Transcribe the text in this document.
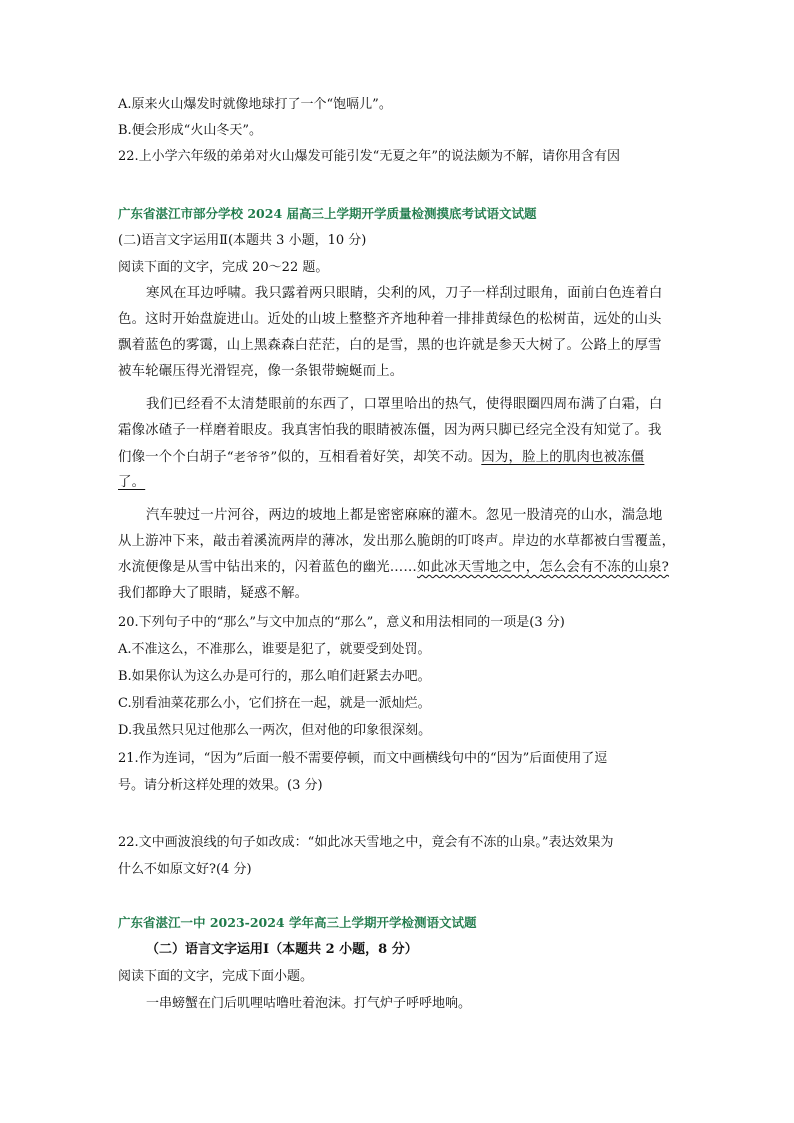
A.原来火山爆发时就像地球打了一个“饱嗝儿”。
B.便会形成“火山冬天”。
22.上小学六年级的弟弟对火山爆发可能引发“无夏之年”的说法颇为不解，请你用含有因
广东省湛江市部分学校 2024 届高三上学期开学质量检测摸底考试语文试题
(二)语言文字运用Ⅱ(本题共 3 小题，10 分)
阅读下面的文字，完成 20～22 题。
寒风在耳边呼啸。我只露着两只眼睛，尖利的风，刀子一样刮过眼角，面前白色连着白
色。这时开始盘旋进山。近处的山坡上整整齐齐地种着一排排黄绿色的松树苗，远处的山头
飘着蓝色的雾霭，山上黑森森白茫茫，白的是雪，黑的也许就是参天大树了。公路上的厚雪
被车轮碾压得光滑锃亮，像一条银带蜿蜒而上。
我们已经看不太清楚眼前的东西了，口罩里哈出的热气，使得眼圈四周布满了白霜，白
霜像冰碴子一样磨着眼皮。我真害怕我的眼睛被冻僵，因为两只脚已经完全没有知觉了。我
们像一个个白胡子“老爷爷”似的，互相看着好笑，却笑不动。因为，脸上的肌肉也被冻僵
了。
汽车驶过一片河谷，两边的坡地上都是密密麻麻的灌木。忽见一股清亮的山水，湍急地
从上游冲下来，敲击着溪流两岸的薄冰，发出那么脆朗的叮咚声。岸边的水草都被白雪覆盖，
水流便像是从雪中钻出来的，闪着蓝色的幽光……如此冰天雪地之中，怎么会有不冻的山泉?
我们都睁大了眼睛，疑惑不解。
20.下列句子中的“那么”与文中加点的“那么”，意义和用法相同的一项是(3 分)
A.不准这么，不准那么，谁要是犯了，就要受到处罚。
B.如果你认为这么办是可行的，那么咱们赶紧去办吧。
C.别看油菜花那么小，它们挤在一起，就是一派灿烂。
D.我虽然只见过他那么一两次，但对他的印象很深刻。
21.作为连词，“因为”后面一般不需要停顿，而文中画横线句中的“因为”后面使用了逗
号。请分析这样处理的效果。(3 分)
22.文中画波浪线的句子如改成：“如此冰天雪地之中，竟会有不冻的山泉。”表达效果为
什么不如原文好?(4 分)
广东省湛江一中 2023-2024 学年高三上学期开学检测语文试题
（二）语言文字运用Ⅰ（本题共 2 小题，8 分）
阅读下面的文字，完成下面小题。
一串螃蟹在门后叽哩咕噜吐着泡沫。打气炉子呼呼地响。
